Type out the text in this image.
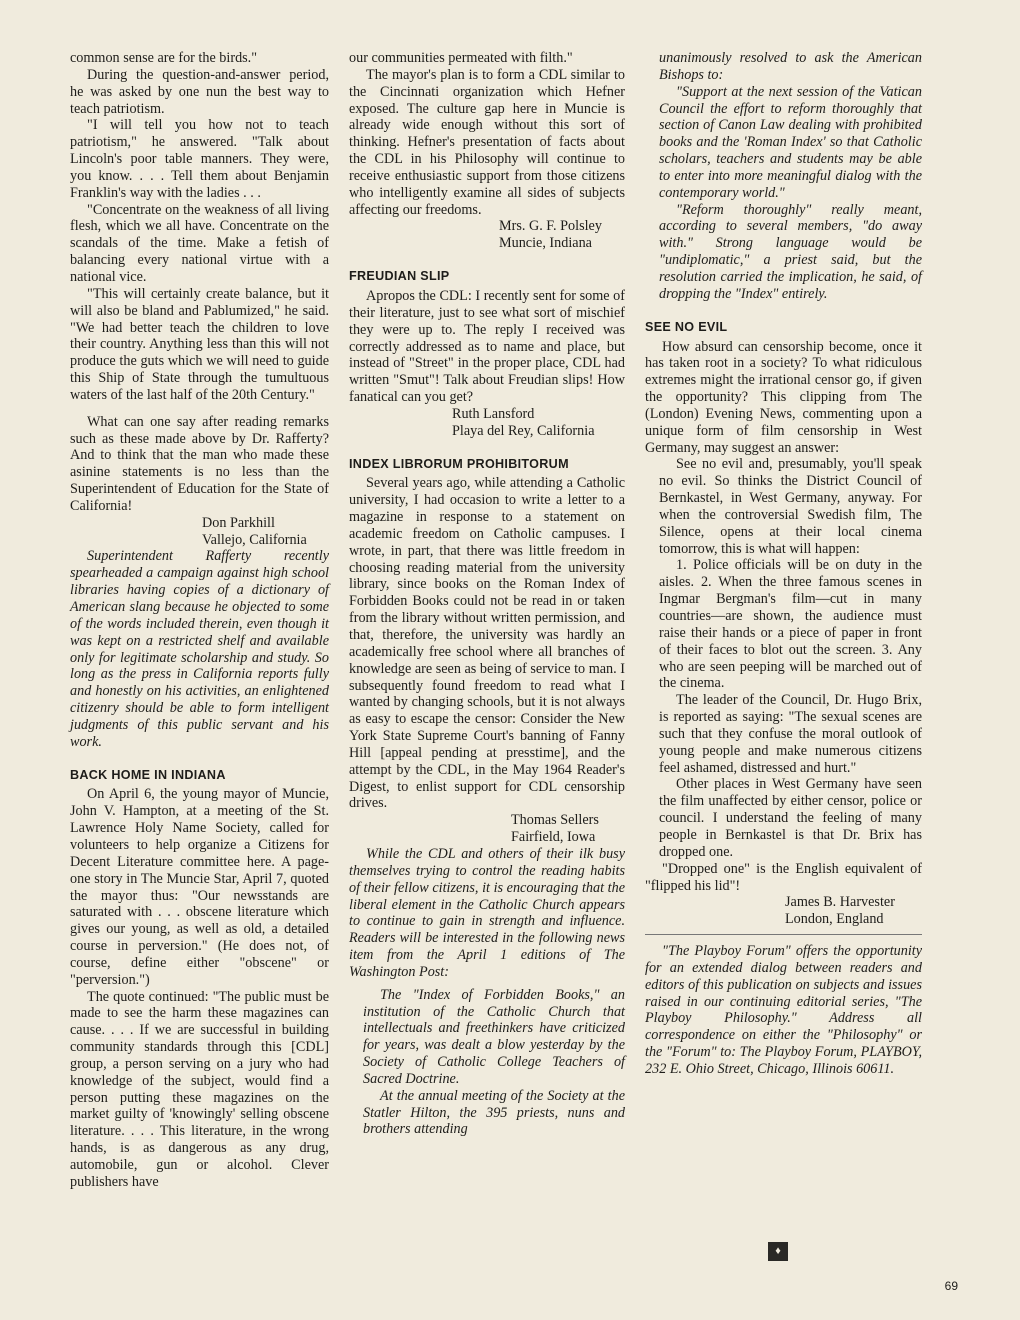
common sense are for the birds."

During the question-and-answer period, he was asked by one nun the best way to teach patriotism.

"I will tell you how not to teach patriotism," he answered. "Talk about Lincoln's poor table manners. They were, you know. . . . Tell them about Benjamin Franklin's way with the ladies . . .

"Concentrate on the weakness of all living flesh, which we all have. Concentrate on the scandals of the time. Make a fetish of balancing every national virtue with a national vice.

"This will certainly create balance, but it will also be bland and Pablumized," he said. "We had better teach the children to love their country. Anything less than this will not produce the guts which we will need to guide this Ship of State through the tumultuous waters of the last half of the 20th Century."

What can one say after reading remarks such as these made above by Dr. Rafferty? And to think that the man who made these asinine statements is no less than the Superintendent of Education for the State of California!

Don Parkhill
Vallejo, California

Superintendent Rafferty recently spearheaded a campaign against high school libraries having copies of a dictionary of American slang because he objected to some of the words included therein, even though it was kept on a restricted shelf and available only for legitimate scholarship and study. So long as the press in California reports fully and honestly on his activities, an enlightened citizenry should be able to form intelligent judgments of this public servant and his work.

BACK HOME IN INDIANA

On April 6, the young mayor of Muncie, John V. Hampton, at a meeting of the St. Lawrence Holy Name Society, called for volunteers to help organize a Citizens for Decent Literature committee here. A page-one story in The Muncie Star, April 7, quoted the mayor thus: "Our newsstands are saturated with . . . obscene literature which gives our young, as well as old, a detailed course in perversion." (He does not, of course, define either "obscene" or "perversion.")

The quote continued: "The public must be made to see the harm these magazines can cause. . . . If we are successful in building community standards through this [CDL] group, a person serving on a jury who had knowledge of the subject, would find a person putting these magazines on the market guilty of 'knowingly' selling obscene literature. . . . This literature, in the wrong hands, is as dangerous as any drug, automobile, gun or alcohol. Clever publishers have

our communities permeated with filth."

The mayor's plan is to form a CDL similar to the Cincinnati organization which Hefner exposed. The culture gap here in Muncie is already wide enough without this sort of thinking. Hefner's presentation of facts about the CDL in his Philosophy will continue to receive enthusiastic support from those citizens who intelligently examine all sides of subjects affecting our freedoms.

Mrs. G. F. Polsley
Muncie, Indiana
FREUDIAN SLIP

Apropos the CDL: I recently sent for some of their literature, just to see what sort of mischief they were up to. The reply I received was correctly addressed as to name and place, but instead of "Street" in the proper place, CDL had written "Smut"! Talk about Freudian slips! How fanatical can you get?

Ruth Lansford
Playa del Rey, California
INDEX LIBRORUM PROHIBITORUM

Several years ago, while attending a Catholic university, I had occasion to write a letter to a magazine in response to a statement on academic freedom on Catholic campuses. I wrote, in part, that there was little freedom in choosing reading material from the university library, since books on the Roman Index of Forbidden Books could not be read in or taken from the library without written permission, and that, therefore, the university was hardly an academically free school where all branches of knowledge are seen as being of service to man. I subsequently found freedom to read what I wanted by changing schools, but it is not always as easy to escape the censor: Consider the New York State Supreme Court's banning of Fanny Hill [appeal pending at presstime], and the attempt by the CDL, in the May 1964 Reader's Digest, to enlist support for CDL censorship drives.

Thomas Sellers
Fairfield, Iowa

While the CDL and others of their ilk busy themselves trying to control the reading habits of their fellow citizens, it is encouraging that the liberal element in the Catholic Church appears to continue to gain in strength and influence. Readers will be interested in the following news item from the April 1 editions of The Washington Post:

The "Index of Forbidden Books," an institution of the Catholic Church that intellectuals and freethinkers have criticized for years, was dealt a blow yesterday by the Society of Catholic College Teachers of Sacred Doctrine.

At the annual meeting of the Society at the Statler Hilton, the 395 priests, nuns and brothers attending

unanimously resolved to ask the American Bishops to:

"Support at the next session of the Vatican Council the effort to reform thoroughly that section of Canon Law dealing with prohibited books and the 'Roman Index' so that Catholic scholars, teachers and students may be able to enter into more meaningful dialog with the contemporary world."

"Reform thoroughly" really meant, according to several members, "do away with." Strong language would be "undiplomatic," a priest said, but the resolution carried the implication, he said, of dropping the "Index" entirely.

SEE NO EVIL

How absurd can censorship become, once it has taken root in a society? To what ridiculous extremes might the irrational censor go, if given the opportunity? This clipping from The (London) Evening News, commenting upon a unique form of film censorship in West Germany, may suggest an answer:

See no evil and, presumably, you'll speak no evil. So thinks the District Council of Bernkastel, in West Germany, anyway. For when the controversial Swedish film, The Silence, opens at their local cinema tomorrow, this is what will happen:

1. Police officials will be on duty in the aisles. 2. When the three famous scenes in Ingmar Bergman's film—cut in many countries—are shown, the audience must raise their hands or a piece of paper in front of their faces to blot out the screen. 3. Any who are seen peeping will be marched out of the cinema.

The leader of the Council, Dr. Hugo Brix, is reported as saying: "The sexual scenes are such that they confuse the moral outlook of young people and make numerous citizens feel ashamed, distressed and hurt."

Other places in West Germany have seen the film unaffected by either censor, police or council. I understand the feeling of many people in Bernkastel is that Dr. Brix has dropped one.

"Dropped one" is the English equivalent of "flipped his lid"!

James B. Harvester
London, England

"The Playboy Forum" offers the opportunity for an extended dialog between readers and editors of this publication on subjects and issues raised in our continuing editorial series, "The Playboy Philosophy." Address all correspondence on either the "Philosophy" or the "Forum" to: The Playboy Forum, PLAYBOY, 232 E. Ohio Street, Chicago, Illinois 60611.

♦
69
